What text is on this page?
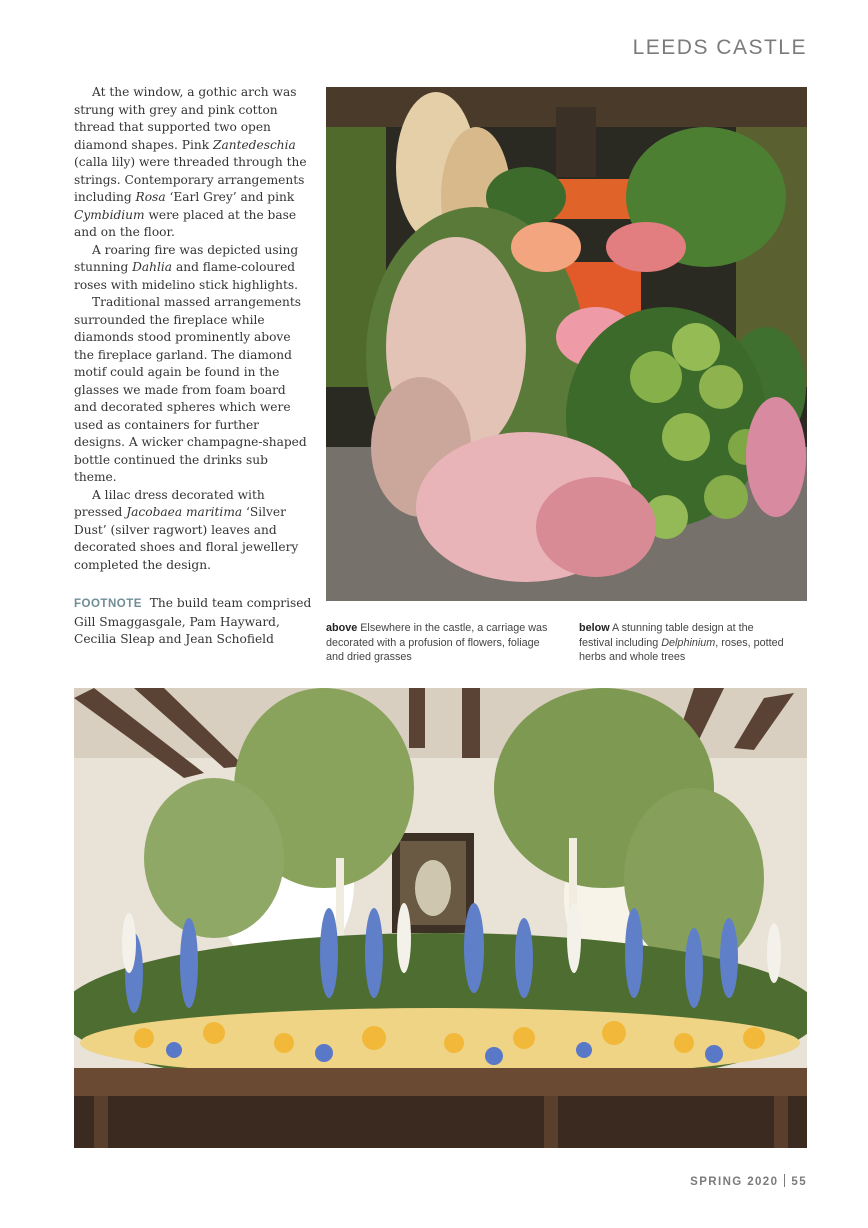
LEEDS CASTLE

At the window, a gothic arch was strung with grey and pink cotton thread that supported two open diamond shapes. Pink Zantedeschia (calla lily) were threaded through the strings. Contemporary arrangements including Rosa ‘Earl Grey’ and pink Cymbidium were placed at the base and on the floor.

A roaring fire was depicted using stunning Dahlia and flame-coloured roses with midelino stick highlights.

Traditional massed arrangements surrounded the fireplace while diamonds stood prominently above the fireplace garland. The diamond motif could again be found in the glasses we made from foam board and decorated spheres which were used as containers for further designs. A wicker champagne-shaped bottle continued the drinks sub theme.

A lilac dress decorated with pressed Jacobaea maritima ‘Silver Dust’ (silver ragwort) leaves and decorated shoes and floral jewellery completed the design.

FOOTNOTE The build team comprised Gill Smaggasgale, Pam Hayward, Cecilia Sleap and Jean Schofield
above Elsewhere in the castle, a carriage was decorated with a profusion of flowers, foliage and dried grasses
below A stunning table design at the festival including Delphinium, roses, potted herbs and whole trees
SPRING 2020 55
